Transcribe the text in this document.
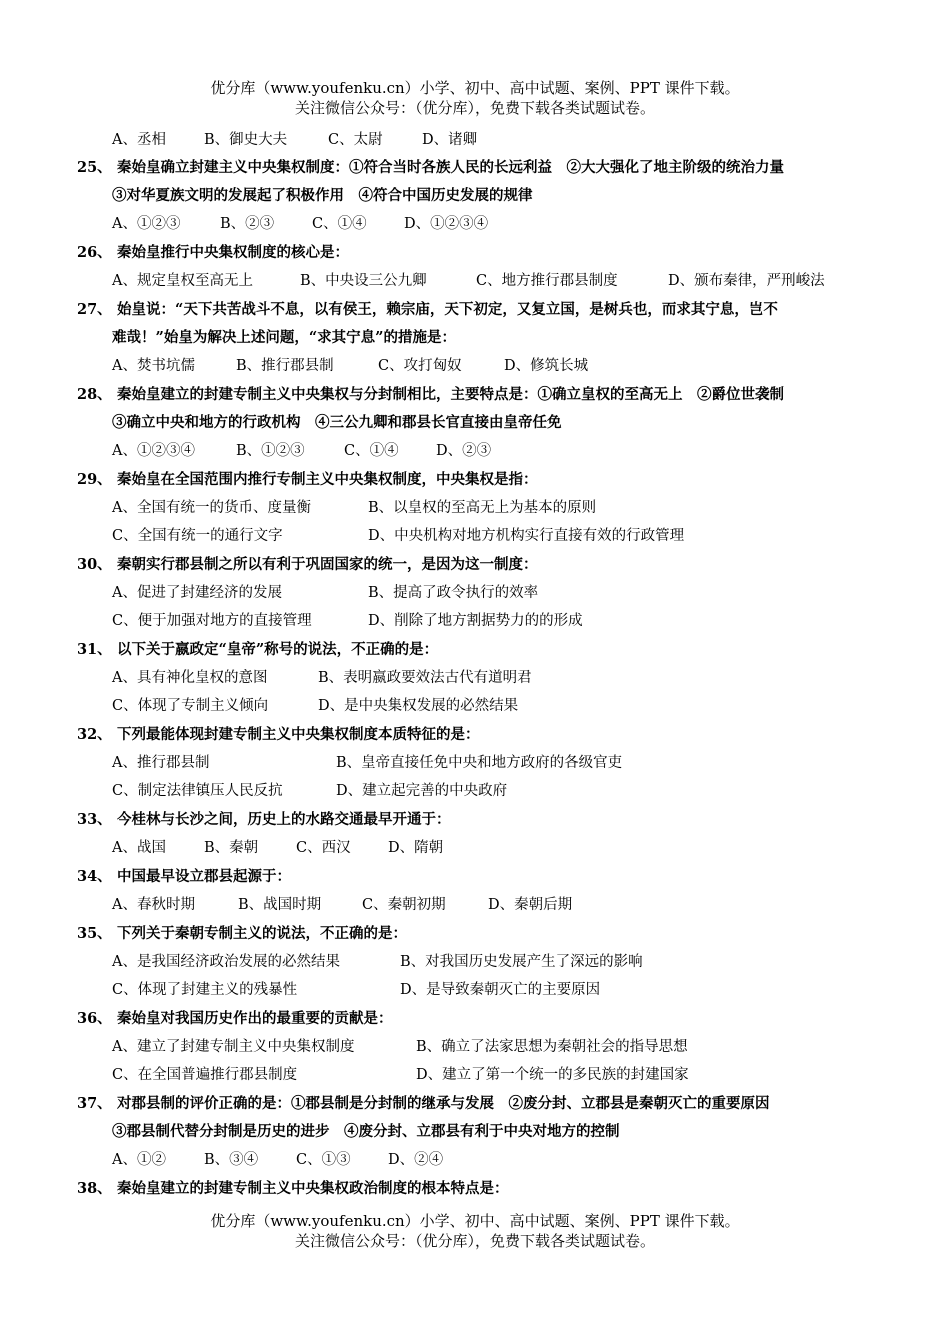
优分库（www.youfenku.cn）小学、初中、高中试题、案例、PPT 课件下载。
关注微信公众号：（优分库），免费下载各类试题试卷。
A、丞相	B、御史大夫	C、太尉	D、诸卿
25、 秦始皇确立封建主义中央集权制度：①符合当时各族人民的长远利益　②大大强化了地主阶级的统治力量
③对华夏族文明的发展起了积极作用　④符合中国历史发展的规律
A、①②③	B、②③	C、①④	D、①②③④
26、 秦始皇推行中央集权制度的核心是：
A、规定皇权至高无上	B、中央设三公九卿	C、地方推行郡县制度	D、颁布秦律，严刑峻法
27、 始皇说：“天下共苦战斗不息，以有侯王，赖宗庙，天下初定，又复立国，是树兵也，而求其宁息，岂不
难哉！”始皇为解决上述问题，“求其宁息”的措施是：
A、焚书坑儒	B、推行郡县制	C、攻打匈奴	D、修筑长城
28、 秦始皇建立的封建专制主义中央集权与分封制相比，主要特点是：①确立皇权的至高无上　②爵位世袭制
③确立中央和地方的行政机构　④三公九卿和郡县长官直接由皇帝任免
A、①②③④	B、①②③	C、①④	D、②③
29、 秦始皇在全国范围内推行专制主义中央集权制度，中央集权是指：
A、全国有统一的货币、度量衡	B、以皇权的至高无上为基本的原则
C、全国有统一的通行文字	D、中央机构对地方机构实行直接有效的行政管理
30、 秦朝实行郡县制之所以有利于巩固国家的统一，是因为这一制度：
A、促进了封建经济的发展	B、提高了政令执行的效率
C、便于加强对地方的直接管理	D、削除了地方割据势力的的形成
31、 以下关于嬴政定“皇帝”称号的说法，不正确的是：
A、具有神化皇权的意图	B、表明嬴政要效法古代有道明君
C、体现了专制主义倾向	D、是中央集权发展的必然结果
32、 下列最能体现封建专制主义中央集权制度本质特征的是：
A、推行郡县制	B、皇帝直接任免中央和地方政府的各级官吏
C、制定法律镇压人民反抗	D、建立起完善的中央政府
33、 今桂林与长沙之间，历史上的水路交通最早开通于：
A、战国	B、秦朝	C、西汉	D、隋朝
34、 中国最早设立郡县起源于：
A、春秋时期	B、战国时期	C、秦朝初期	D、秦朝后期
35、 下列关于秦朝专制主义的说法，不正确的是：
A、是我国经济政治发展的必然结果	B、对我国历史发展产生了深远的影响
C、体现了封建主义的残暴性	D、是导致秦朝灭亡的主要原因
36、 秦始皇对我国历史作出的最重要的贡献是：
A、建立了封建专制主义中央集权制度	B、确立了法家思想为秦朝社会的指导思想
C、在全国普遍推行郡县制度	D、建立了第一个统一的多民族的封建国家
37、 对郡县制的评价正确的是：①郡县制是分封制的继承与发展　②废分封、立郡县是秦朝灭亡的重要原因
③郡县制代替分封制是历史的进步　④废分封、立郡县有利于中央对地方的控制
A、①②	B、③④	C、①③	D、②④
38、 秦始皇建立的封建专制主义中央集权政治制度的根本特点是：
优分库（www.youfenku.cn）小学、初中、高中试题、案例、PPT 课件下载。
关注微信公众号：（优分库），免费下载各类试题试卷。
